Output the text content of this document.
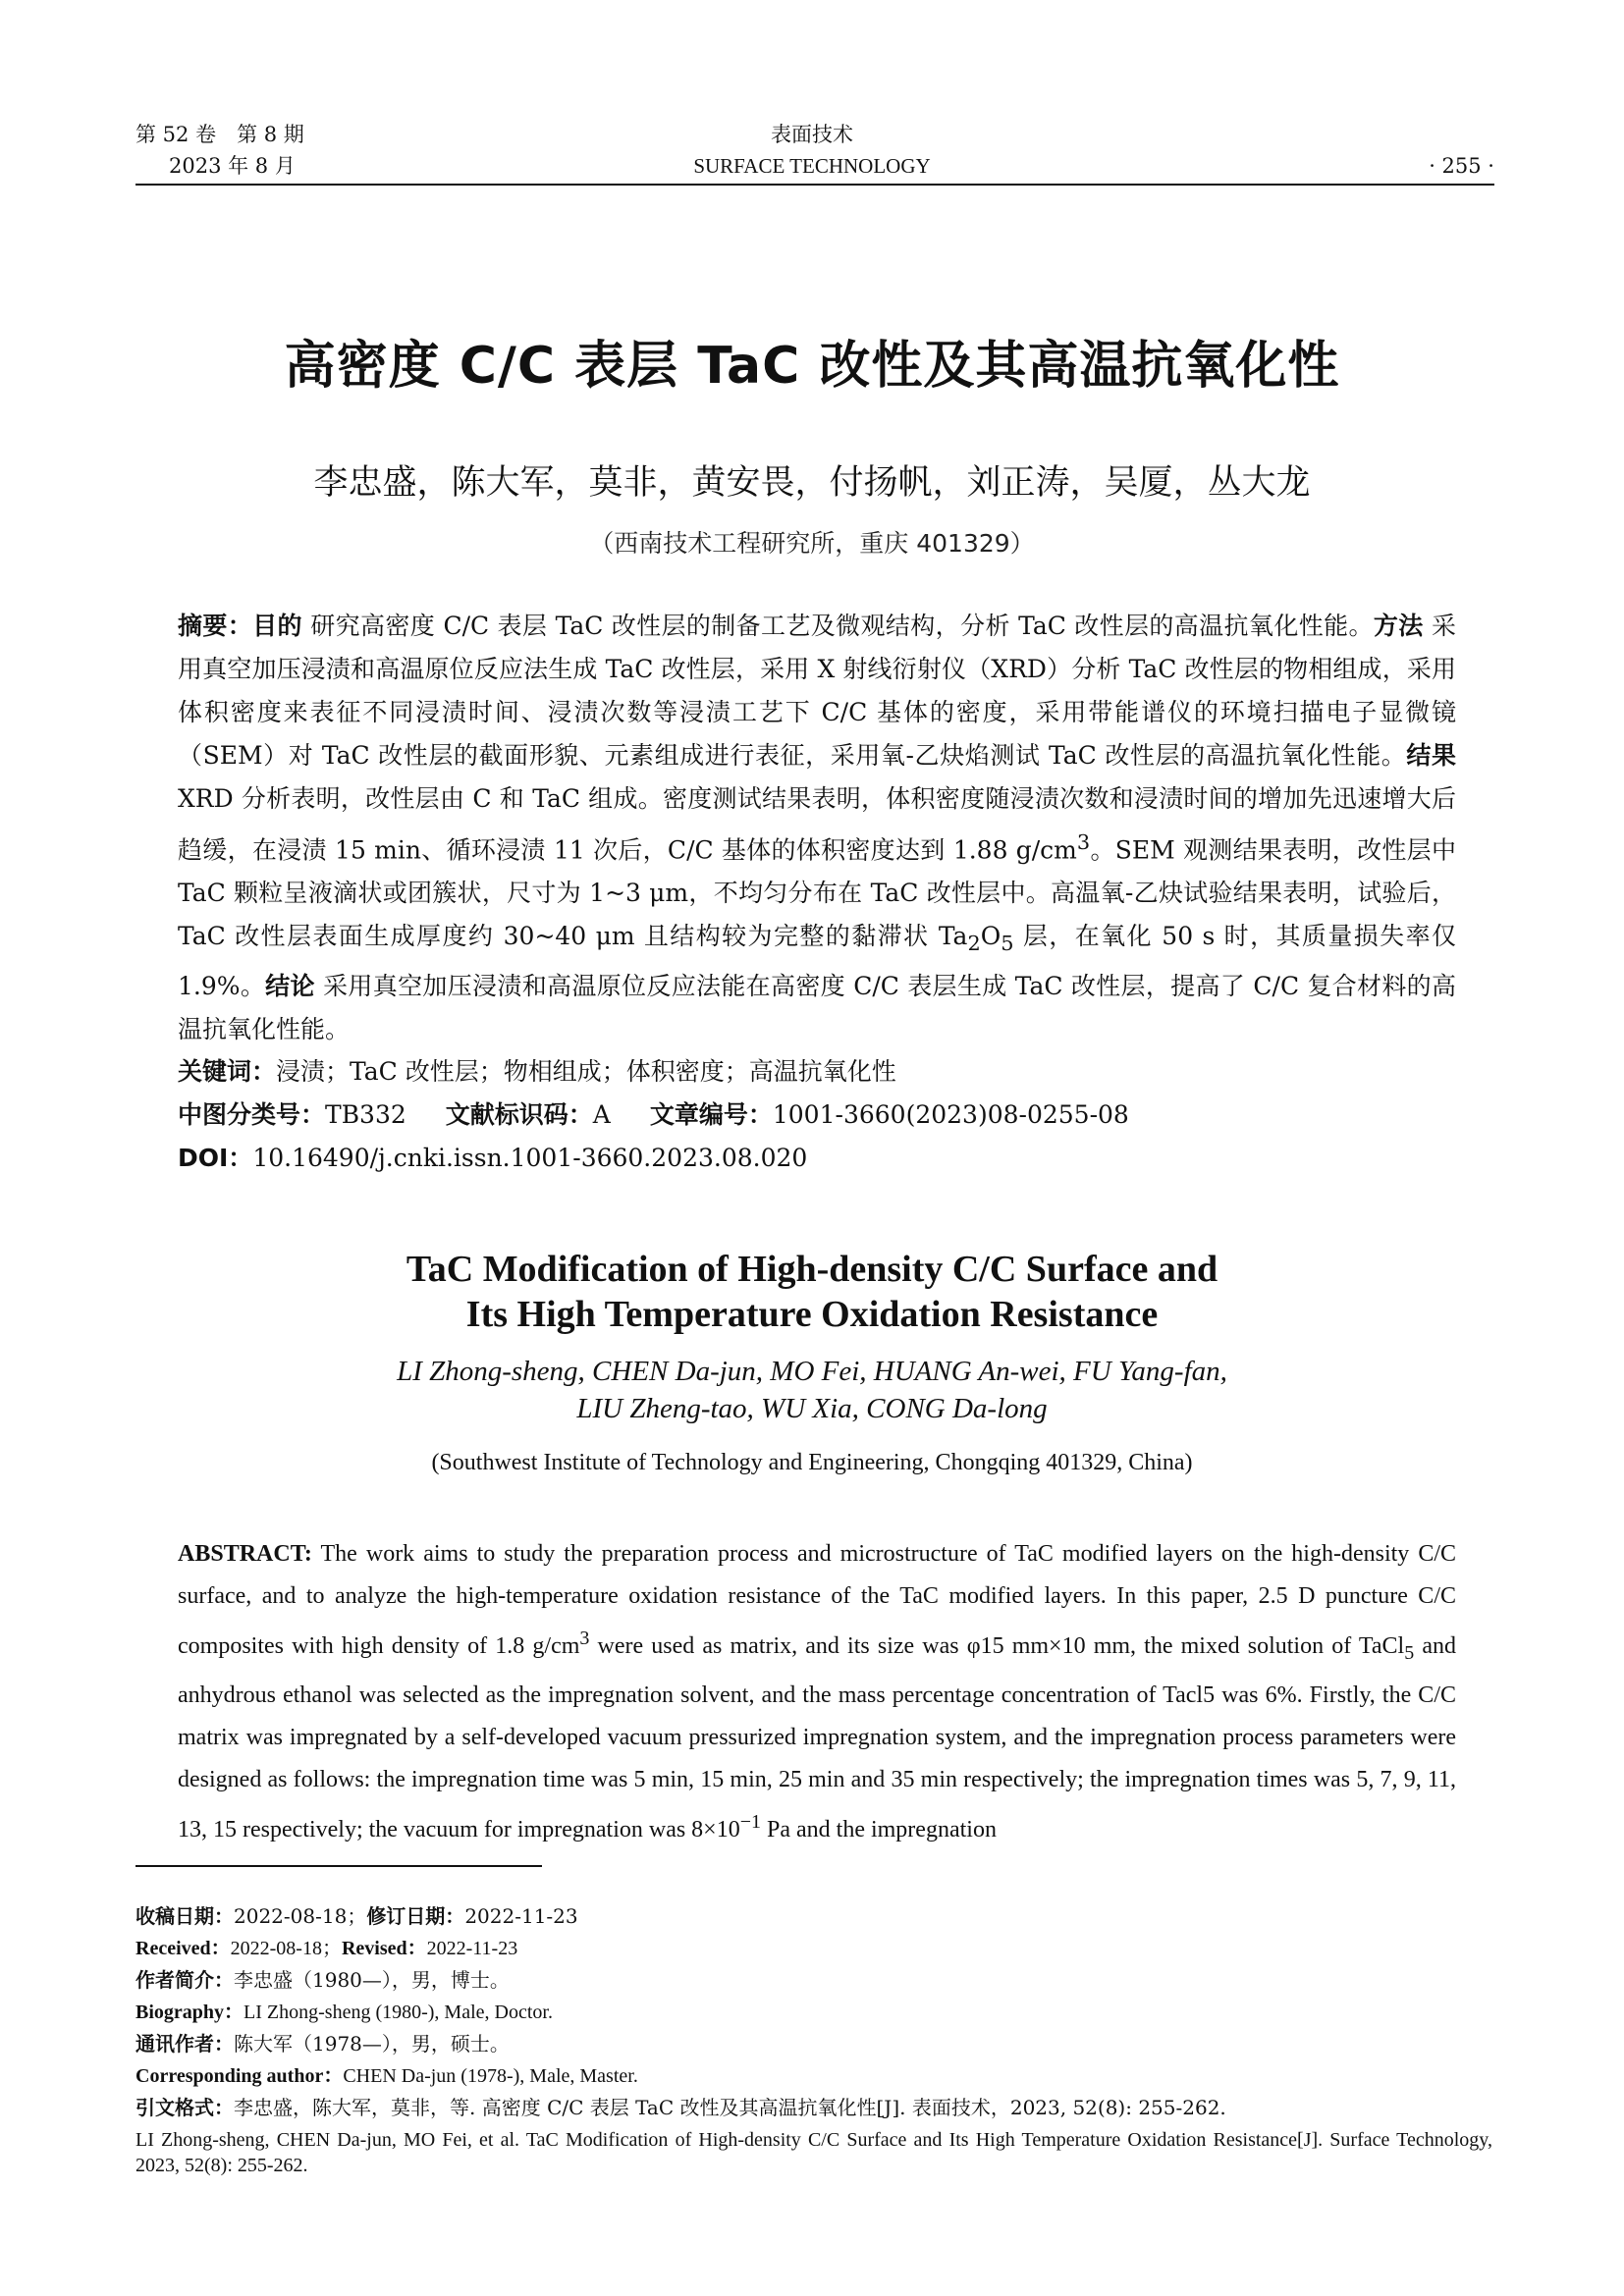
第 52 卷　第 8 期
2023 年 8 月
表面技术
SURFACE TECHNOLOGY	· 255 ·
高密度 C/C 表层 TaC 改性及其高温抗氧化性
李忠盛，陈大军，莫非，黄安畏，付扬帆，刘正涛，吴厦，丛大龙
（西南技术工程研究所，重庆 401329）

摘要：目的 研究高密度 C/C 表层 TaC 改性层的制备工艺及微观结构，分析 TaC 改性层的高温抗氧化性能。方法 采用真空加压浸渍和高温原位反应法生成 TaC 改性层，采用 X 射线衍射仪（XRD）分析 TaC 改性层的物相组成，采用体积密度来表征不同浸渍时间、浸渍次数等浸渍工艺下 C/C 基体的密度，采用带能谱仪的环境扫描电子显微镜（SEM）对 TaC 改性层的截面形貌、元素组成进行表征，采用氧-乙炔焰测试 TaC 改性层的高温抗氧化性能。结果 XRD 分析表明，改性层由 C 和 TaC 组成。密度测试结果表明，体积密度随浸渍次数和浸渍时间的增加先迅速增大后趋缓，在浸渍 15 min、循环浸渍 11 次后，C/C 基体的体积密度达到 1.88 $g/cm^3$。SEM 观测结果表明，改性层中 TaC 颗粒呈液滴状或团簇状，尺寸为 1~3 μm，不均匀分布在 TaC 改性层中。高温氧-乙炔试验结果表明，试验后，TaC 改性层表面生成厚度约 30~40 μm 且结构较为完整的黏滞状 $Ta_2O_5$ 层，在氧化 50 s 时，其质量损失率仅 1.9%。结论 采用真空加压浸渍和高温原位反应法能在高密度 C/C 表层生成 TaC 改性层，提高了 C/C 复合材料的高温抗氧化性能。

关键词：浸渍；TaC 改性层；物相组成；体积密度；高温抗氧化性
中图分类号：TB332 文献标识码：A 文章编号：1001-3660(2023)08-0255-08
DOI：10.16490/j.cnki.issn.1001-3660.2023.08.020
TaC Modification of High-density C/C Surface and
Its High Temperature Oxidation Resistance
LI Zhong-sheng, CHEN Da-jun, MO Fei, HUANG An-wei, FU Yang-fan,
LIU Zheng-tao, WU Xia, CONG Da-long
(Southwest Institute of Technology and Engineering, Chongqing 401329, China)

ABSTRACT: The work aims to study the preparation process and microstructure of TaC modified layers on the high-density C/C surface, and to analyze the high-temperature oxidation resistance of the TaC modified layers. In this paper, 2.5 D puncture C/C composites with high density of 1.8 $g/cm^3$ were used as matrix, and its size was φ15 mm×10 mm, the mixed solution of TaCl$_5$ and anhydrous ethanol was selected as the impregnation solvent, and the mass percentage concentration of Tacl5 was 6%. Firstly, the C/C matrix was impregnated by a self-developed vacuum pressurized impregnation system, and the impregnation process parameters were designed as follows: the impregnation time was 5 min, 15 min, 25 min and 35 min respectively; the impregnation times was 5, 7, 9, 11, 13, 15 respectively; the vacuum for impregnation was $8\times 10^{-1}$ Pa and the impregnation

收稿日期：2022-08-18；修订日期：2022-11-23

Received：2022-08-18；Revised：2022-11-23

作者简介：李忠盛（1980—），男，博士。

Biography：LI Zhong-sheng (1980-), Male, Doctor.

通讯作者：陈大军（1978—），男，硕士。

Corresponding author：CHEN Da-jun (1978-), Male, Master.

引文格式：李忠盛，陈大军，莫非，等. 高密度 C/C 表层 TaC 改性及其高温抗氧化性[J]. 表面技术，2023, 52(8): 255-262.

LI Zhong-sheng, CHEN Da-jun, MO Fei, et al. TaC Modification of High-density C/C Surface and Its High Temperature Oxidation Resistance[J]. Surface Technology, 2023, 52(8): 255-262.
